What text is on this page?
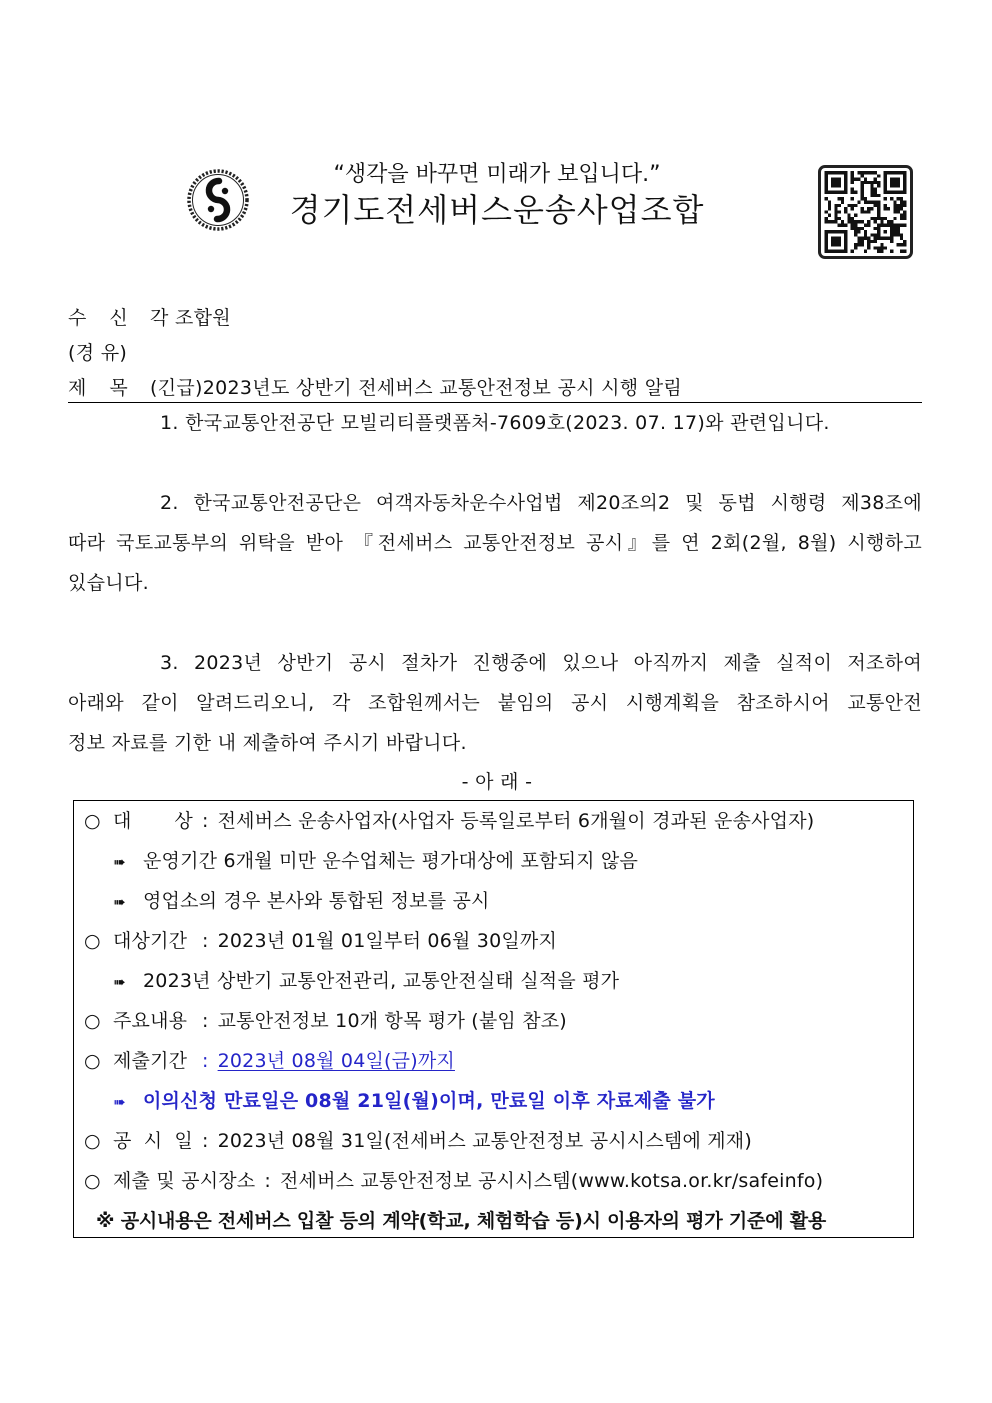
“생각을 바꾸면 미래가 보입니다.”
경기도전세버스운송사업조합
수 신 각 조합원
(경 유)
제 목 (긴급)2023년도 상반기 전세버스 교통안전정보 공시 시행 알림
1. 한국교통안전공단 모빌리티플랫폼처-7609호(2023. 07. 17)와 관련입니다.
2. 한국교통안전공단은 여객자동차운수사업법 제20조의2 및 동법 시행령 제38조에
따라 국토교통부의 위탁을 받아 『전세버스 교통안전정보 공시』를 연 2회(2월, 8월) 시행하고
있습니다.
3. 2023년 상반기 공시 절차가 진행중에 있으나 아직까지 제출 실적이 저조하여
아래와 같이 알려드리오니, 각 조합원께서는 붙임의 공시 시행계획을 참조하시어 교통안전
정보 자료를 기한 내 제출하여 주시기 바랍니다.
- 아 래 -
○ 대 상 : 전세버스 운송사업자(사업자 등록일로부터 6개월이 경과된 운송사업자)
➠ 운영기간 6개월 미만 운수업체는 평가대상에 포함되지 않음
➠ 영업소의 경우 본사와 통합된 정보를 공시
○ 대상기간 : 2023년 01월 01일부터 06월 30일까지
➠ 2023년 상반기 교통안전관리, 교통안전실태 실적을 평가
○ 주요내용 : 교통안전정보 10개 항목 평가 (붙임 참조)
○ 제출기간 : 2023년 08월 04일(금)까지
➠ 이의신청 만료일은 08월 21일(월)이며, 만료일 이후 자료제출 불가
○ 공 시 일 : 2023년 08월 31일(전세버스 교통안전정보 공시시스템에 게재)
○ 제출 및 공시장소 : 전세버스 교통안전정보 공시시스템(www.kotsa.or.kr/safeinfo)
※ 공시내용은 전세버스 입찰 등의 계약(학교, 체험학습 등)시 이용자의 평가 기준에 활용
